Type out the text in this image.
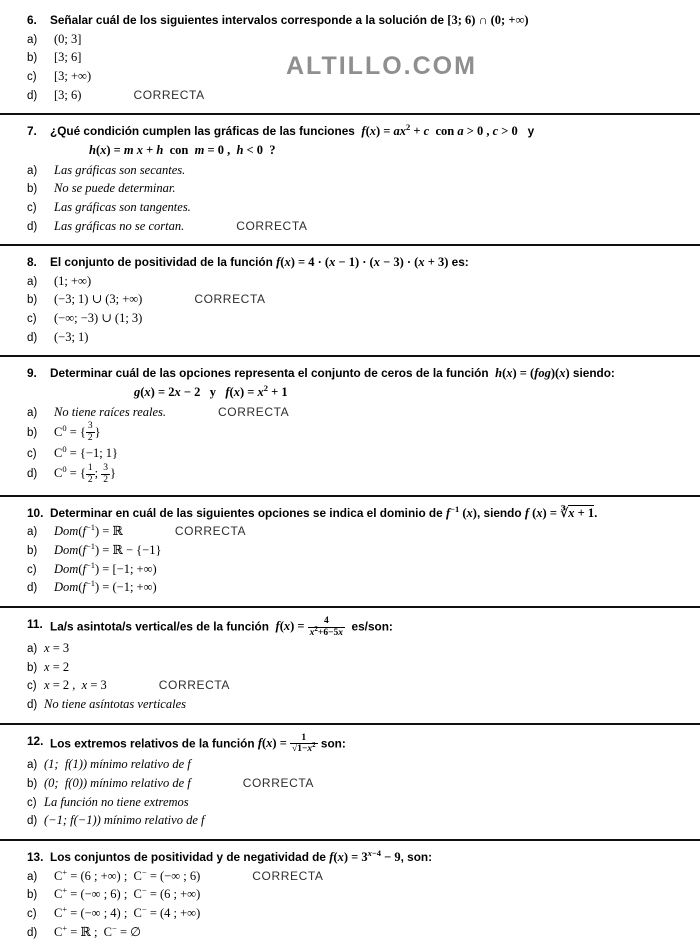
ALTILLO.COM
6.	Señalar cuál de los siguientes intervalos corresponde a la solución de [3; 6) ∩ (0; +∞)
a)	(0; 3]
b)	[3; 6]
c)	[3; +∞)
d)	[3; 6)	CORRECTA
7.	¿Qué condición cumplen las gráficas de las funciones  $f(x) = ax^2 + c$  con a > 0 , c > 0   y
h(x) = m x + h  con  m = 0 ,  h < 0  ?
a)	Las gráficas son secantes.
b)	No se puede determinar.
c)	Las gráficas son tangentes.
d)	Las gráficas no se cortan.	CORRECTA
8.	El conjunto de positividad de la función f(x) = 4 · (x − 1) · (x − 3) · (x + 3) es:
a)	(1; +∞)
b)	(−3; 1) ∪ (3; +∞)	CORRECTA
c)	(−∞; −3) ∪ (1; 3)
d)	(−3; 1)
9.	Determinar cuál de las opciones representa el conjunto de ceros de la función  h(x) = (fog)(x) siendo:
g(x) = 2x − 2   y   $f(x) = x^2 + 1$
a)	No tiene raíces reales.	CORRECTA
b)	$C^0$ = { $\frac{3}{2}$ }
c)	$C^0 = \{-1$; 1}
d)	$C^0$ = { $\frac{1}{2}$ ; $\frac{3}{2}$ }
10. Determinar en cuál de las siguientes opciones se indica el dominio de $f^{-1}$ (x), siendo f (x) = ∛x + 1.
a)	$Dom(f^{-1})$ = ℝ	CORRECTA
b)	$Dom(f^{-1})$ = ℝ − {−1}
c)	$Dom(f^{-1}) = [-1$; +∞)
d)	$Dom(f^{-1}) = (-1$; +∞)
11. La/s asintota/s vertical/es de la función  $f(x) = \frac{4}{x^2+6-5x} es/son$:
a) x = 3
b) x = 2
c) x = 2 ,  x = 3	CORRECTA
d) No tiene asíntotas verticales
12. Los extremos relativos de la función $f(x) = \frac{1}{√1-x^2}$ son:
a) (1;  f(1)) mínimo relativo de f
b) (0;  f(0)) mínimo relativo de f	CORRECTA
c) La función no tiene extremos
d) (−1; f(−1)) mínimo relativo de f
13. Los conjuntos de positividad y de negatividad de $f(x) = 3^{x-4} - 9$, son:
a)	C+ = (6 ; +∞) ;  C− = (−∞ ; 6)	CORRECTA
b)	C+ = (−∞ ; 6) ;  C− = (6 ; +∞)
c)	C+ = (−∞ ; 4) ;  C− = (4 ; +∞)
d)	C+ = ℝ ;  C− = ∅
